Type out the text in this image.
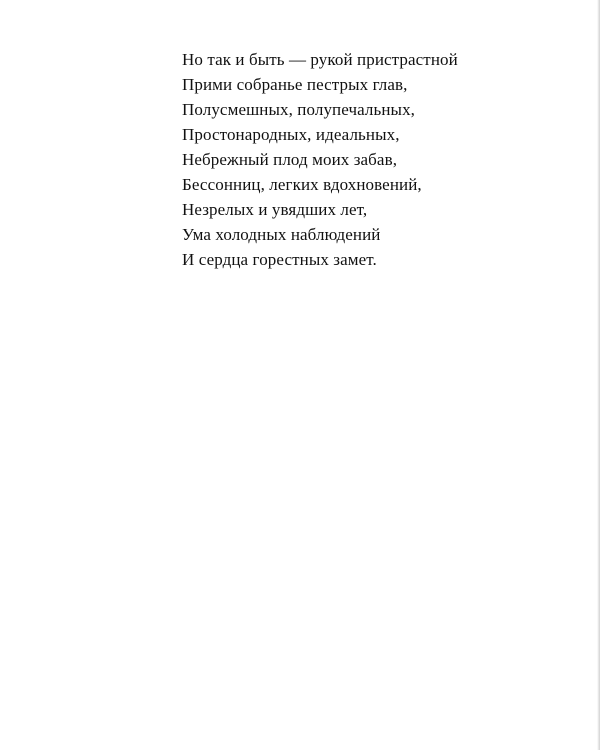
Но так и быть — рукой пристрастной
Прими собранье пестрых глав,
Полусмешных, полупечальных,
Простонародных, идеальных,
Небрежный плод моих забав,
Бессонниц, легких вдохновений,
Незрелых и увядших лет,
Ума холодных наблюдений
И сердца горестных замет.
